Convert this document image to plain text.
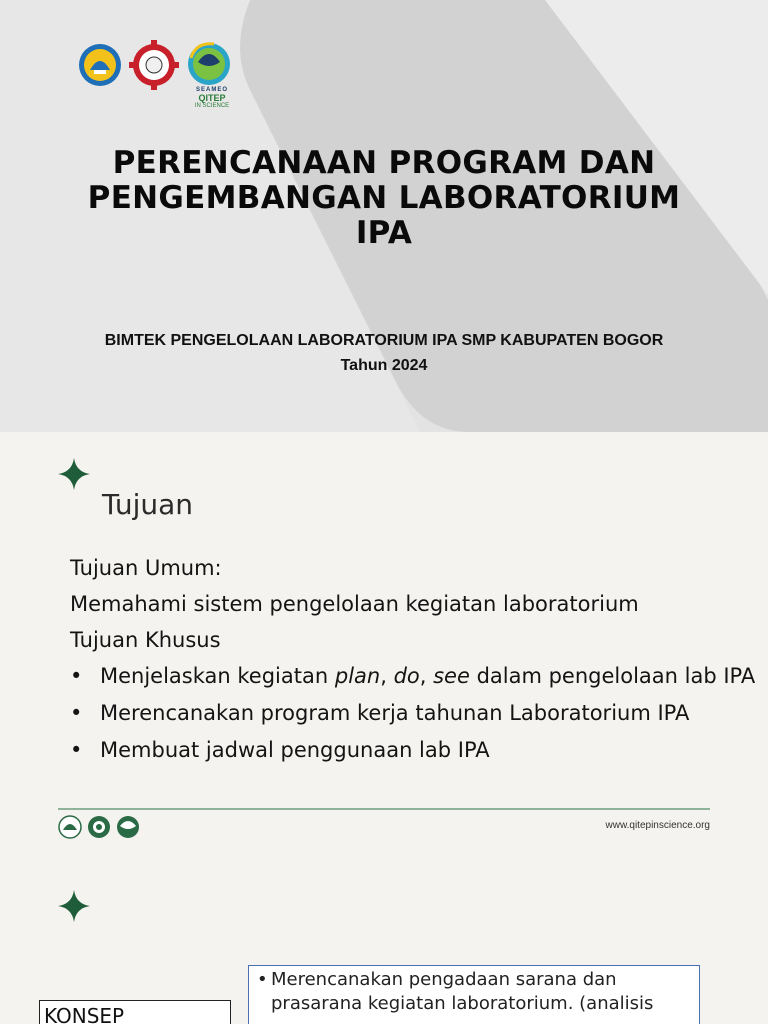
SEAMEO
QITEP
IN SCIENCE
PERENCANAAN PROGRAM DAN
PENGEMBANGAN LABORATORIUM
IPA
BIMTEK PENGELOLAAN LABORATORIUM IPA SMP KABUPATEN BOGOR
Tahun 2024
Tujuan

Tujuan Umum:

Memahami sistem pengelolaan kegiatan laboratorium

Tujuan Khusus

• Menjelaskan kegiatan plan, do, see dalam pengelolaan lab IPA
• Merencanakan program kerja tahunan Laboratorium IPA
• Membuat jadwal penggunaan lab IPA
www.qitepinscience.org
• Merencanakan pengadaan sarana dan
prasarana kegiatan laboratorium. (analisis
KONSEP
